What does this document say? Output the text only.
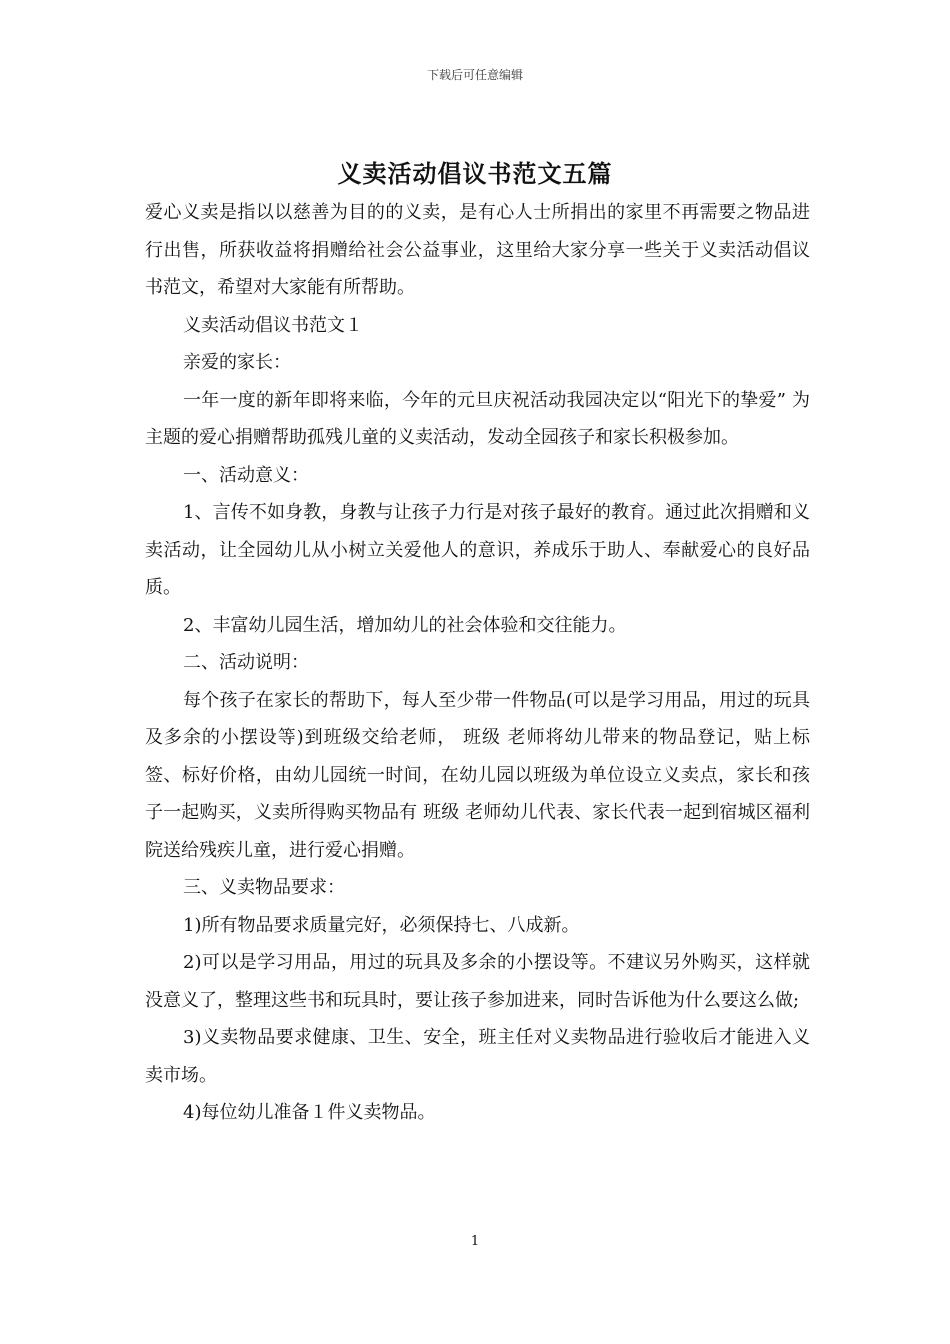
下载后可任意编辑
义卖活动倡议书范文五篇

爱心义卖是指以以慈善为目的的义卖，是有心人士所捐出的家里不再需要之物品进行出售，所获收益将捐赠给社会公益事业，这里给大家分享一些关于义卖活动倡议书范文，希望对大家能有所帮助。

义卖活动倡议书范文１

亲爱的家长：

一年一度的新年即将来临，今年的元旦庆祝活动我园决定以“阳光下的挚爱” 为主题的爱心捐赠帮助孤残儿童的义卖活动，发动全园孩子和家长积极参加。

一、活动意义：

1、言传不如身教，身教与让孩子力行是对孩子最好的教育。通过此次捐赠和义卖活动，让全园幼儿从小树立关爱他人的意识，养成乐于助人、奉献爱心的良好品质。

2、丰富幼儿园生活，增加幼儿的社会体验和交往能力。

二、活动说明：

每个孩子在家长的帮助下，每人至少带一件物品(可以是学习用品，用过的玩具及多余的小摆设等)到班级交给老师， 班级 老师将幼儿带来的物品登记，贴上标签、标好价格，由幼儿园统一时间，在幼儿园以班级为单位设立义卖点，家长和孩子一起购买，义卖所得购买物品有 班级 老师幼儿代表、家长代表一起到宿城区福利院送给残疾儿童，进行爱心捐赠。

三、义卖物品要求：

1)所有物品要求质量完好，必须保持七、八成新。

2)可以是学习用品，用过的玩具及多余的小摆设等。不建议另外购买，这样就没意义了，整理这些书和玩具时，要让孩子参加进来，同时告诉他为什么要这么做;

3)义卖物品要求健康、卫生、安全，班主任对义卖物品进行验收后才能进入义卖市场。

4)每位幼儿准备１件义卖物品。

1
